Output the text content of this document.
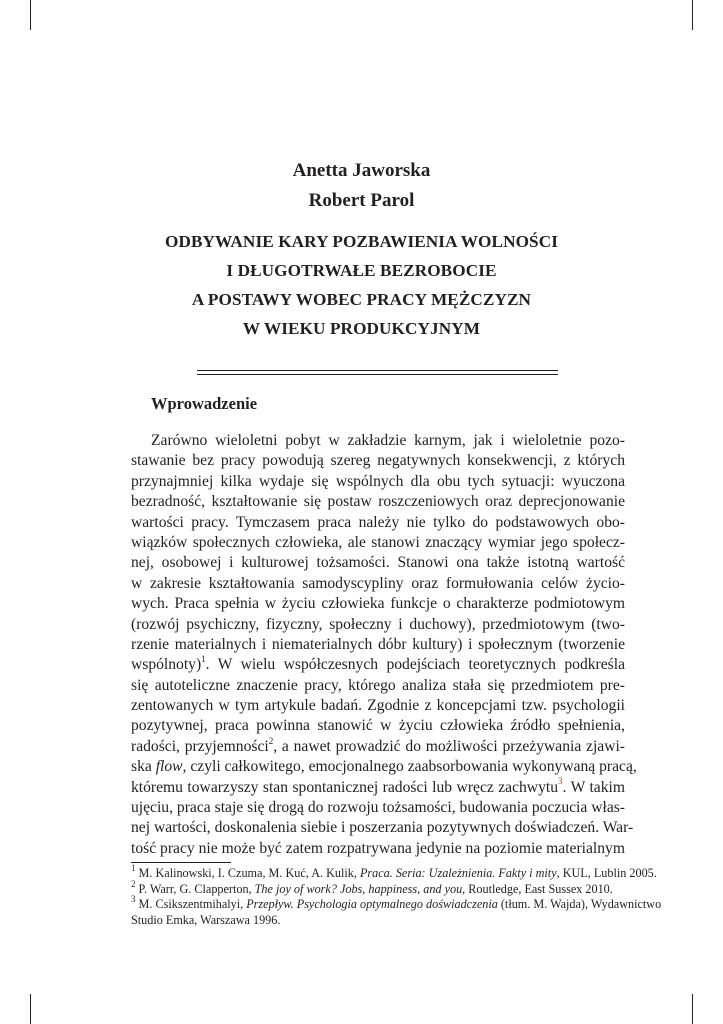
Anetta Jaworska
Robert Parol
ODBYWANIE KARY POZBAWIENIA WOLNOŚCI
I DŁUGOTRWAŁE BEZROBOCIE
A POSTAWY WOBEC PRACY MĘŻCZYZN
W WIEKU PRODUKCYJNYM
Wprowadzenie
Zarówno wieloletni pobyt w zakładzie karnym, jak i wieloletnie pozo-
stawanie bez pracy powodują szereg negatywnych konsekwencji, z których
przynajmniej kilka wydaje się wspólnych dla obu tych sytuacji: wyuczona
bezradność, kształtowanie się postaw roszczeniowych oraz deprecjonowanie
wartości pracy. Tymczasem praca należy nie tylko do podstawowych obo-
wiązków społecznych człowieka, ale stanowi znaczący wymiar jego społecz-
nej, osobowej i kulturowej tożsamości. Stanowi ona także istotną wartość
w zakresie kształtowania samodyscypliny oraz formułowania celów życio-
wych. Praca spełnia w życiu człowieka funkcje o charakterze podmiotowym
(rozwój psychiczny, fizyczny, społeczny i duchowy), przedmiotowym (two-
rzenie materialnych i niematerialnych dóbr kultury) i społecznym (tworzenie
wspólnoty)$^1$. W wielu współczesnych podejściach teoretycznych podkreśla
się autoteliczne znaczenie pracy, którego analiza stała się przedmiotem pre-
zentowanych w tym artykule badań. Zgodnie z koncepcjami tzw. psychologii
pozytywnej, praca powinna stanowić w życiu człowieka źródło spełnienia,
radości, przyjemności$^2$, a nawet prowadzić do możliwości przeżywania zjawi-
ska flow, czyli całkowitego, emocjonalnego zaabsorbowania wykonywaną pracą,
któremu towarzyszy stan spontanicznej radości lub wręcz zachwytu$^3$. W takim
ujęciu, praca staje się drogą do rozwoju tożsamości, budowania poczucia włas-
nej wartości, doskonalenia siebie i poszerzania pozytywnych doświadczeń. War-
tość pracy nie może być zatem rozpatrywana jedynie na poziomie materialnym
$^1$ M. Kalinowski, I. Czuma, M. Kuć, A. Kulik, Praca. Seria: Uzależnienia. Fakty i mity, KUL, Lublin 2005.
$^2$ P. Warr, G. Clapperton, The joy of work? Jobs, happiness, and you, Routledge, East Sussex 2010.
$^3$ M. Csikszentmihalyi, Przepływ. Psychologia optymalnego doświadczenia (tłum. M. Wajda), Wydawnictwo
Studio Emka, Warszawa 1996.
